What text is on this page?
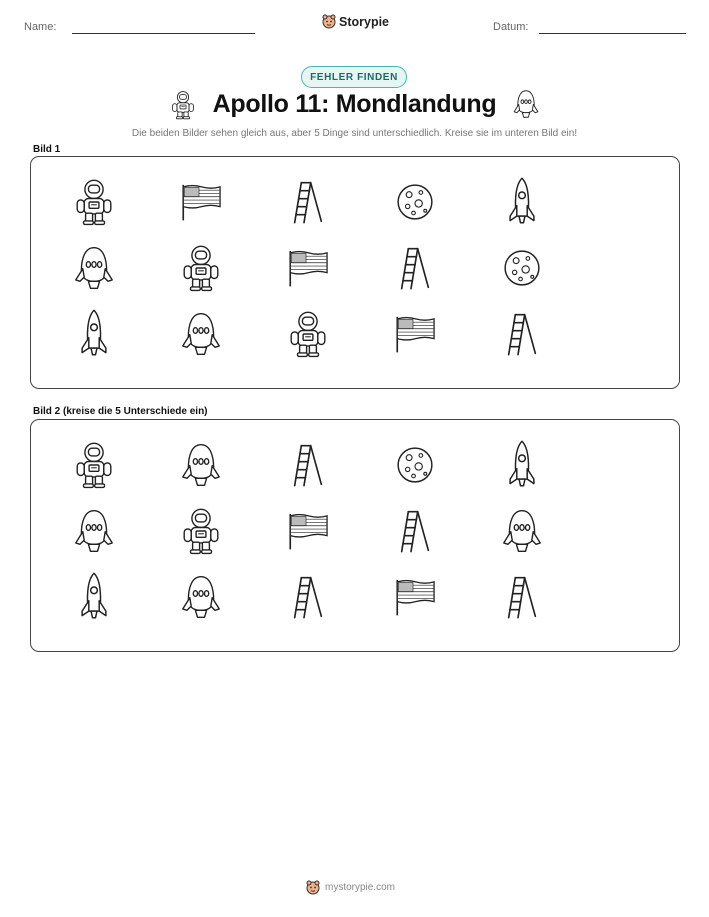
Name:	Storypie	Datum:
FEHLER FINDEN
Apollo 11: Mondlandung
Die beiden Bilder sehen gleich aus, aber 5 Dinge sind unterschiedlich. Kreise sie im unteren Bild ein!
Bild 1
Bild 2 (kreise die 5 Unterschiede ein)
mystorypie.com
